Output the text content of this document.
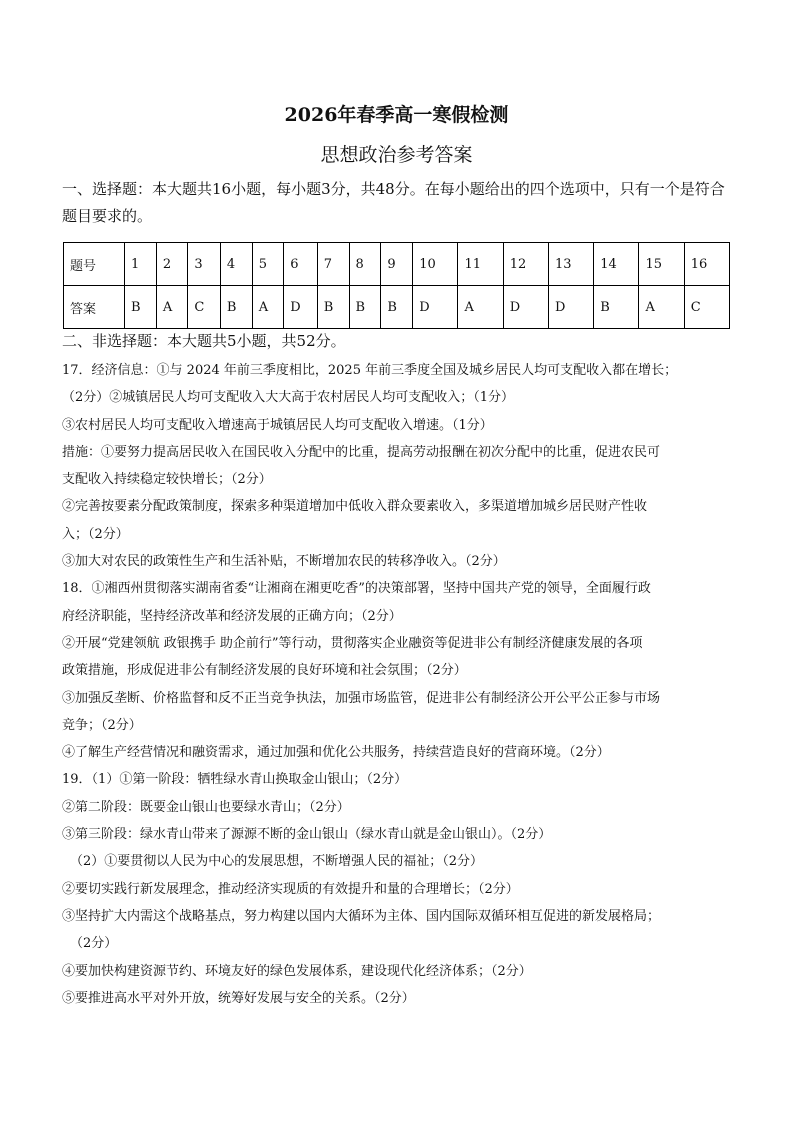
2026年春季高一寒假检测
思想政治参考答案
一、选择题：本大题共16小题，每小题3分，共48分。在每小题给出的四个选项中，只有一个是符合题目要求的。
题号	1	2	3	4	5	6	7	8	9	10	11	12	13	14	15	16
答案	B	A	C	B	A	D	B	B	B	D	A	D	D	B	A	C
二、非选择题：本大题共5小题，共52分。

17．经济信息：①与 2024 年前三季度相比，2025 年前三季度全国及城乡居民人均可支配收入都在增长；

（2分）②城镇居民人均可支配收入大大高于农村居民人均可支配收入；（1分）

③农村居民人均可支配收入增速高于城镇居民人均可支配收入增速。（1分）

措施：①要努力提高居民收入在国民收入分配中的比重，提高劳动报酬在初次分配中的比重，促进农民可

支配收入持续稳定较快增长；（2分）

②完善按要素分配政策制度，探索多种渠道增加中低收入群众要素收入，多渠道增加城乡居民财产性收

入；（2分）

③加大对农民的政策性生产和生活补贴，不断增加农民的转移净收入。（2分）

18．①湘西州贯彻落实湖南省委“让湘商在湘更吃香”的决策部署，坚持中国共产党的领导，全面履行政

府经济职能，坚持经济改革和经济发展的正确方向；（2分）

②开展“党建领航 政银携手 助企前行”等行动，贯彻落实企业融资等促进非公有制经济健康发展的各项

政策措施，形成促进非公有制经济发展的良好环境和社会氛围；（2分）

③加强反垄断、价格监督和反不正当竞争执法，加强市场监管，促进非公有制经济公开公平公正参与市场

竞争；（2分）

④了解生产经营情况和融资需求，通过加强和优化公共服务，持续营造良好的营商环境。（2分）

19．（1）①第一阶段：牺牲绿水青山换取金山银山；（2分）

②第二阶段：既要金山银山也要绿水青山；（2分）

③第三阶段：绿水青山带来了源源不断的金山银山（绿水青山就是金山银山）。（2分）

（2）①要贯彻以人民为中心的发展思想，不断增强人民的福祉；（2分）

②要切实践行新发展理念，推动经济实现质的有效提升和量的合理增长；（2分）

③坚持扩大内需这个战略基点，努力构建以国内大循环为主体、国内国际双循环相互促进的新发展格局；

（2分）

④要加快构建资源节约、环境友好的绿色发展体系，建设现代化经济体系；（2分）

⑤要推进高水平对外开放，统筹好发展与安全的关系。（2分）
